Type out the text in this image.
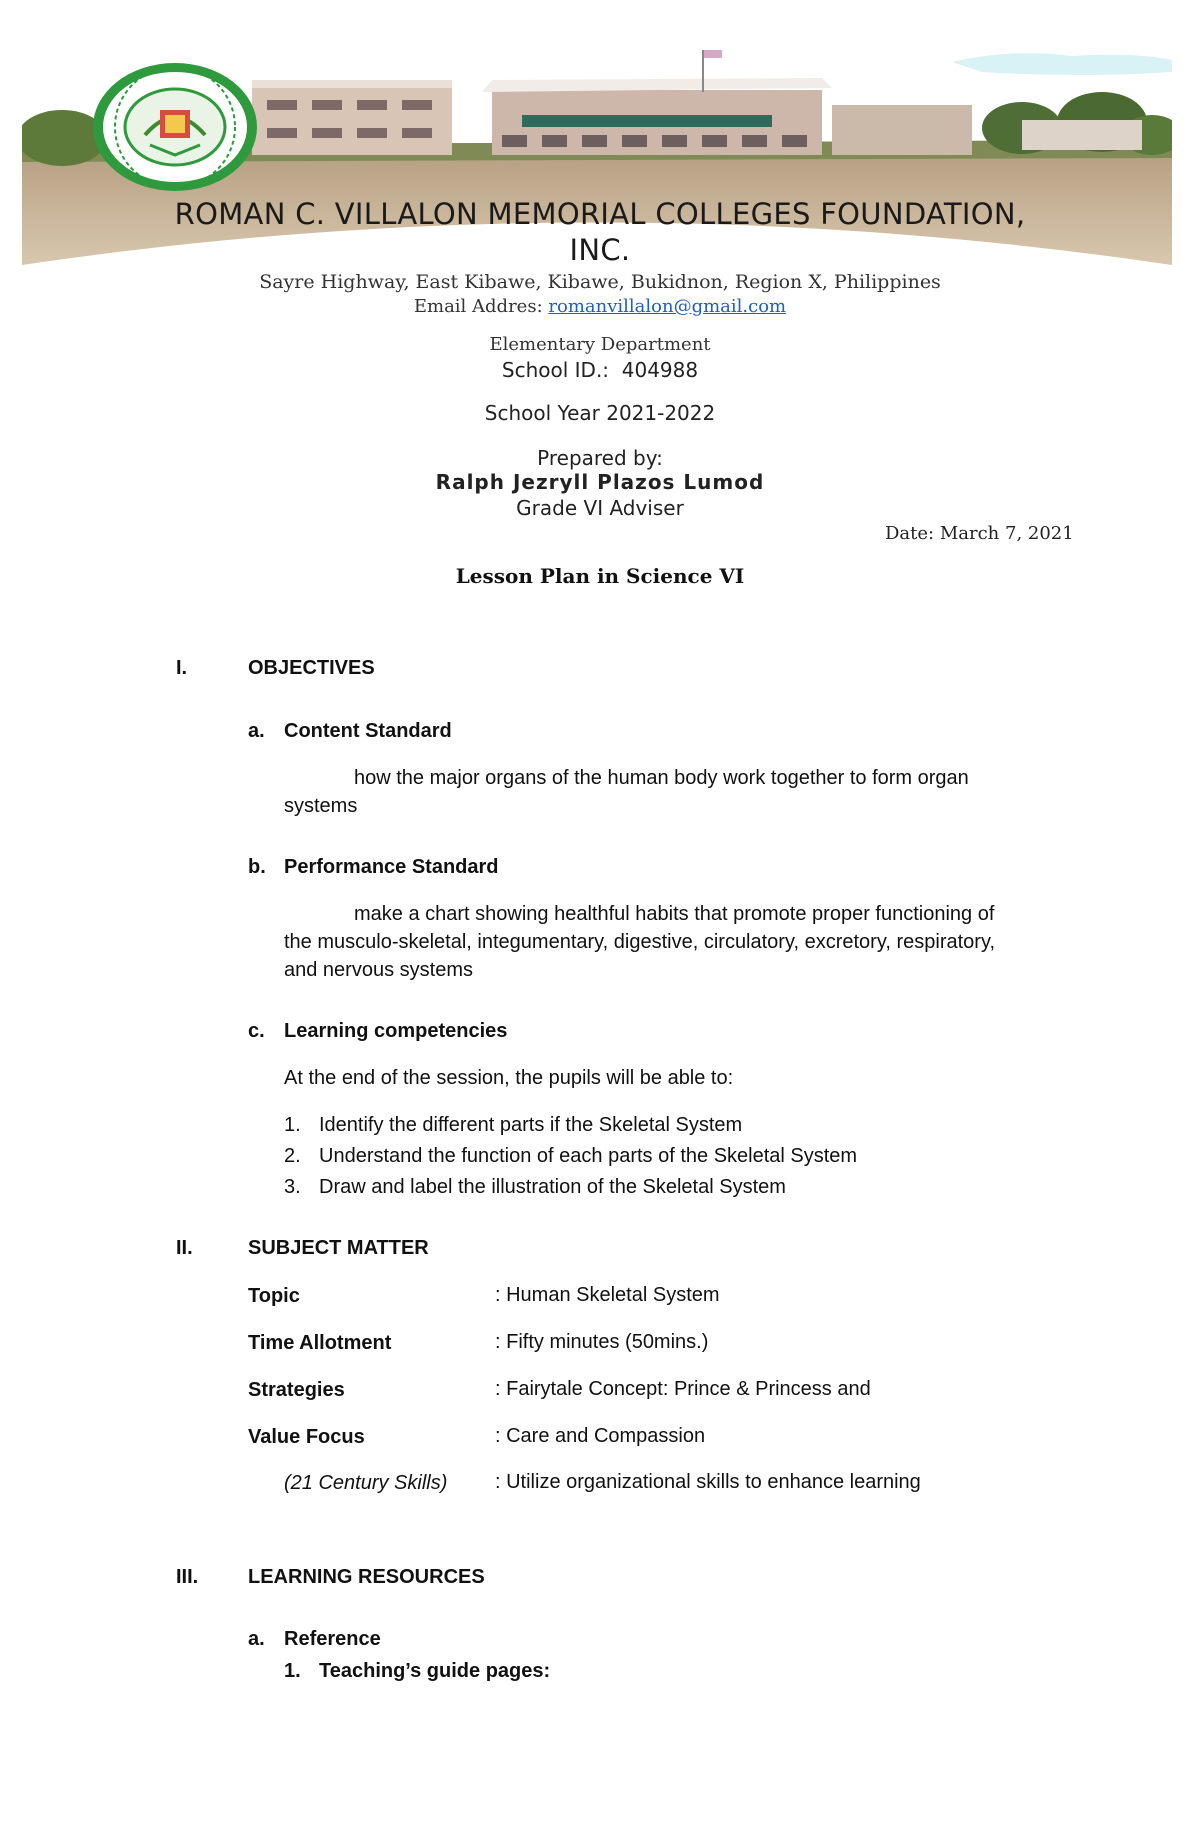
ROMAN C. VILLALON MEMORIAL COLLEGES FOUNDATION,
INC.
Sayre Highway, East Kibawe, Kibawe, Bukidnon, Region X, Philippines
Email Addres: romanvillalon@gmail.com
Elementary Department
School ID.:  404988
School Year 2021-2022
Prepared by:
Ralph Jezryll Plazos Lumod
Grade VI Adviser
Date: March 7, 2021
Lesson Plan in Science VI
I.	OBJECTIVES
a. Content Standard
how the major organs of the human body work together to form organ
systems
b. Performance Standard
make a chart showing healthful habits that promote proper functioning of
the musculo-skeletal, integumentary, digestive, circulatory, excretory, respiratory,
and nervous systems
c. Learning competencies
At the end of the session, the pupils will be able to:
1. Identify the different parts if the Skeletal System
2. Understand the function of each parts of the Skeletal System
3. Draw and label the illustration of the Skeletal System
II.	SUBJECT MATTER
Topic	: Human Skeletal System
Time Allotment	: Fifty minutes (50mins.)
Strategies	: Fairytale Concept: Prince & Princess and
Value Focus	: Care and Compassion
(21 Century Skills) : Utilize organizational skills to enhance learning
III. LEARNING RESOURCES
a. Reference
1. Teaching’s guide pages:
